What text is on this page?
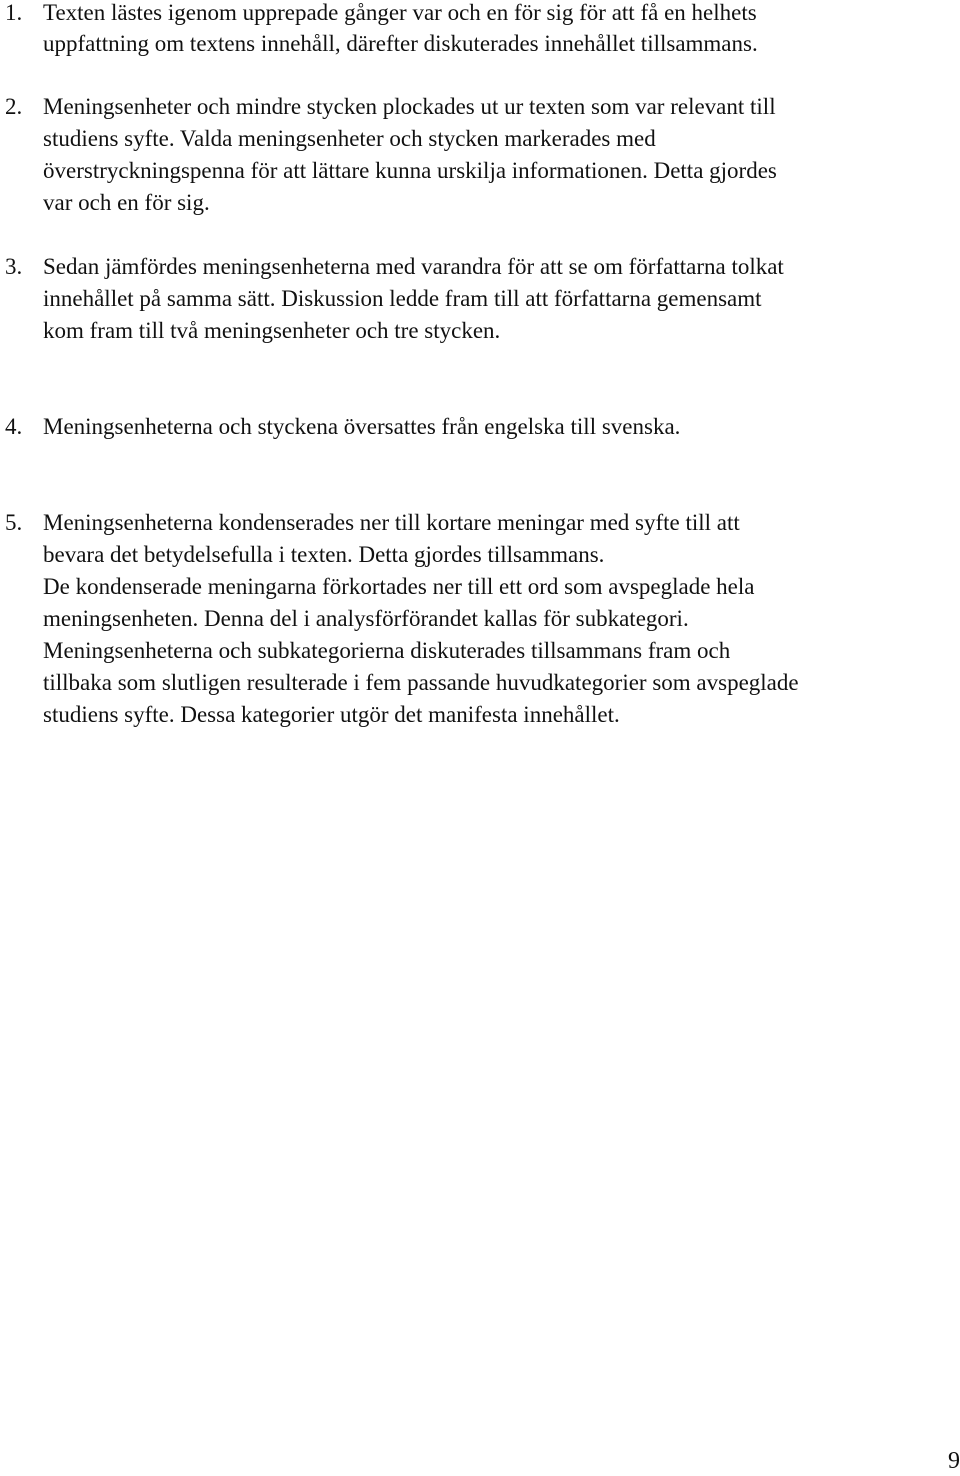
1. Texten lästes igenom upprepade gånger var och en för sig för att få en helhets
uppfattning om textens innehåll, därefter diskuterades innehållet tillsammans.
2. Meningsenheter och mindre stycken plockades ut ur texten som var relevant till
studiens syfte. Valda meningsenheter och stycken markerades med
överstryckningspenna för att lättare kunna urskilja informationen. Detta gjordes
var och en för sig.
3. Sedan jämfördes meningsenheterna med varandra för att se om författarna tolkat
innehållet på samma sätt. Diskussion ledde fram till att författarna gemensamt
kom fram till två meningsenheter och tre stycken.
4. Meningsenheterna och styckena översattes från engelska till svenska.
5. Meningsenheterna kondenserades ner till kortare meningar med syfte till att
bevara det betydelsefulla i texten. Detta gjordes tillsammans.
De kondenserade meningarna förkortades ner till ett ord som avspeglade hela
meningsenheten. Denna del i analysförförandet kallas för subkategori.
Meningsenheterna och subkategorierna diskuterades tillsammans fram och
tillbaka som slutligen resulterade i fem passande huvudkategorier som avspeglade
studiens syfte. Dessa kategorier utgör det manifesta innehållet.
9
